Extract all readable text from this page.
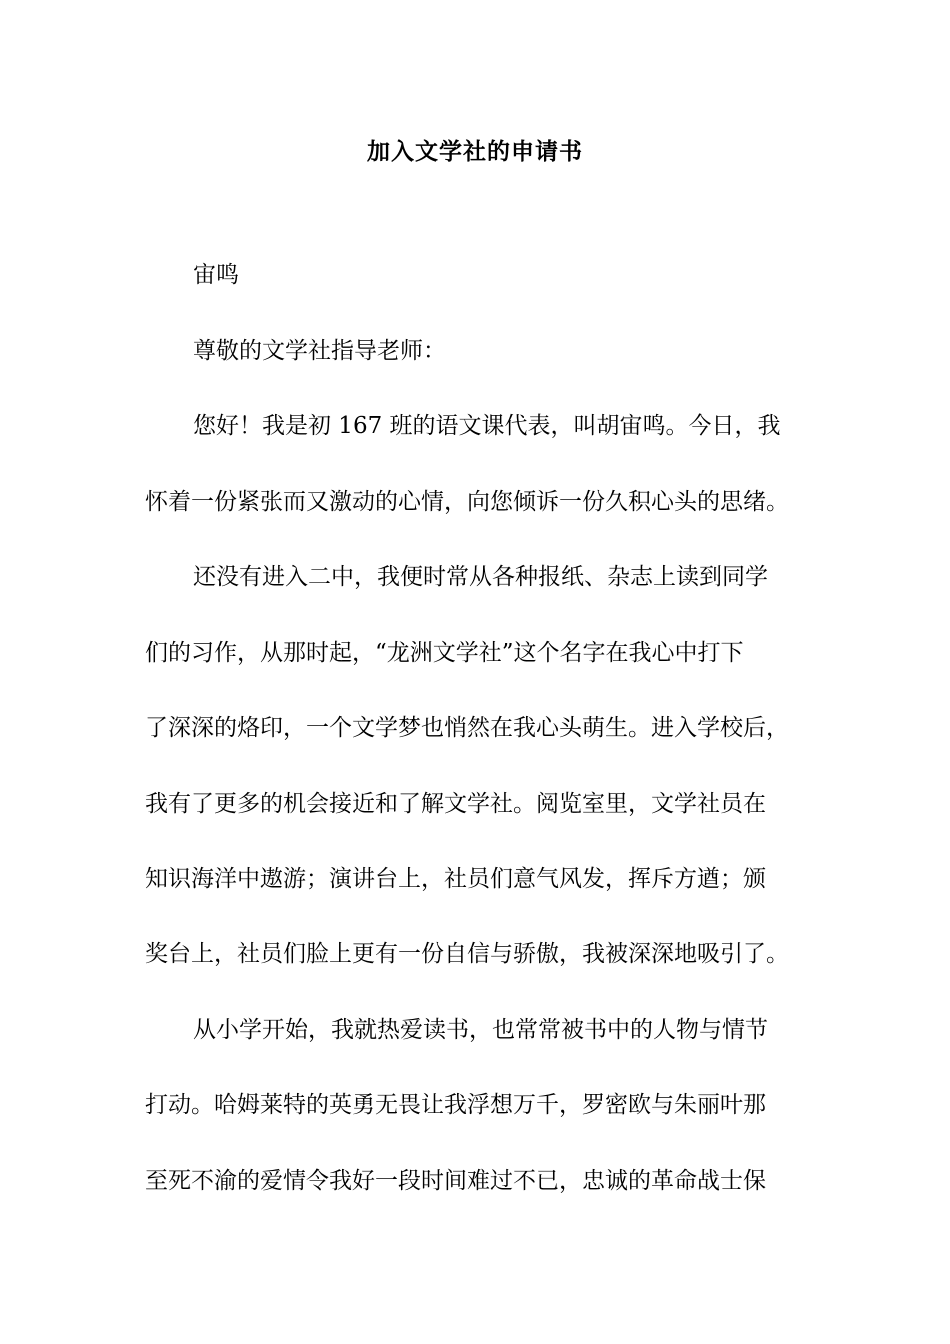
加入文学社的申请书

宙鸣

尊敬的文学社指导老师：

您好！我是初 167 班的语文课代表，叫胡宙鸣。今日，我

怀着一份紧张而又激动的心情，向您倾诉一份久积心头的思绪。

还没有进入二中，我便时常从各种报纸、杂志上读到同学

们的习作，从那时起，“龙洲文学社”这个名字在我心中打下

了深深的烙印，一个文学梦也悄然在我心头萌生。进入学校后，

我有了更多的机会接近和了解文学社。阅览室里，文学社员在

知识海洋中遨游；演讲台上，社员们意气风发，挥斥方遒；颁

奖台上，社员们脸上更有一份自信与骄傲，我被深深地吸引了。

从小学开始，我就热爱读书，也常常被书中的人物与情节

打动。哈姆莱特的英勇无畏让我浮想万千，罗密欧与朱丽叶那

至死不渝的爱情令我好一段时间难过不已，忠诚的革命战士保
